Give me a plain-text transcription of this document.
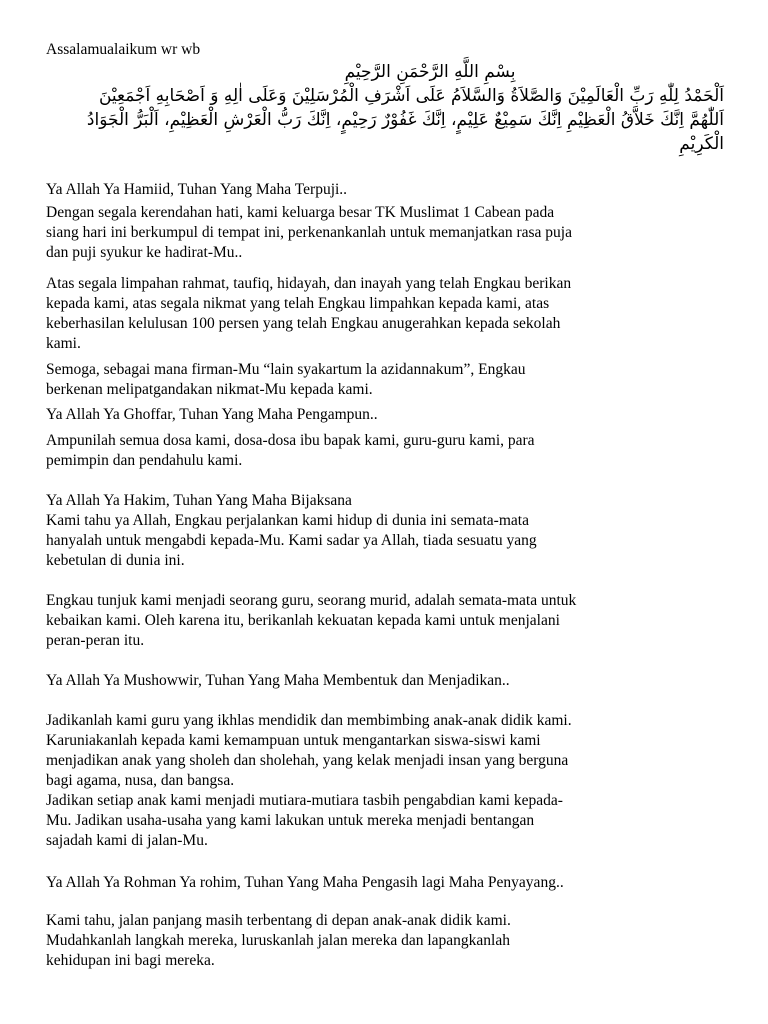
Assalamualaikum wr wb
بِسْمِ اللَّهِ الرَّحْمَنِ الرَّحِيْمِ
اَلْحَمْدُ لِلّٰهِ رَبِّ الْعَالَمِيْنَ وَالصَّلاَةُ وَالسَّلاَمُ عَلَى اَشْرَفِ الْمُرْسَلِيْنَ وَعَلَى اٰلِهِ وَ اَصْحَابِهِ اَجْمَعِيْنَ
اَللّٰهُمَّ اِنَّكَ خَلاَّقُ الْعَظِيْمِ اِنَّكَ سَمِيْعٌ عَلِيْمٍ، اِنَّكَ غَفُوْرٌ رَحِيْمٍ، اِنَّكَ رَبُّ الْعَرْشِ الْعَظِيْمِ، اَلْبَرُّ الْجَوَادُ
الْكَرِيْمِ
Ya Allah Ya Hamiid, Tuhan Yang Maha Terpuji..
Dengan segala kerendahan hati, kami keluarga besar TK Muslimat 1 Cabean pada
siang hari ini berkumpul di tempat ini, perkenankanlah untuk memanjatkan rasa puja
dan puji syukur ke hadirat-Mu..
Atas segala limpahan rahmat, taufiq, hidayah, dan inayah yang telah Engkau berikan
kepada kami, atas segala nikmat yang telah Engkau limpahkan kepada kami, atas
keberhasilan kelulusan 100 persen yang telah Engkau anugerahkan kepada sekolah
kami.
Semoga, sebagai mana firman-Mu “lain syakartum la azidannakum”, Engkau
berkenan melipatgandakan nikmat-Mu kepada kami.
Ya Allah Ya Ghoffar, Tuhan Yang Maha Pengampun..
Ampunilah semua dosa kami, dosa-dosa ibu bapak kami, guru-guru kami, para
pemimpin dan pendahulu kami.
Ya Allah Ya Hakim, Tuhan Yang Maha Bijaksana
Kami tahu ya Allah, Engkau perjalankan kami hidup di dunia ini semata-mata
hanyalah untuk mengabdi kepada-Mu. Kami sadar ya Allah, tiada sesuatu yang
kebetulan di dunia ini.
Engkau tunjuk kami menjadi seorang guru, seorang murid, adalah semata-mata untuk
kebaikan kami. Oleh karena itu, berikanlah kekuatan kepada kami untuk menjalani
peran-peran itu.
Ya Allah Ya Mushowwir, Tuhan Yang Maha Membentuk dan Menjadikan..
Jadikanlah kami guru yang ikhlas mendidik dan membimbing anak-anak didik kami.
Karuniakanlah kepada kami kemampuan untuk mengantarkan siswa-siswi kami
menjadikan anak yang sholeh dan sholehah, yang kelak menjadi insan yang berguna
bagi agama, nusa, dan bangsa.
Jadikan setiap anak kami menjadi mutiara-mutiara tasbih pengabdian kami kepada-
Mu. Jadikan usaha-usaha yang kami lakukan untuk mereka menjadi bentangan
sajadah kami di jalan-Mu.
Ya Allah Ya Rohman Ya rohim, Tuhan Yang Maha Pengasih lagi Maha Penyayang..
Kami tahu, jalan panjang masih terbentang di depan anak-anak didik kami.
Mudahkanlah langkah mereka, luruskanlah jalan mereka dan lapangkanlah
kehidupan ini bagi mereka.
